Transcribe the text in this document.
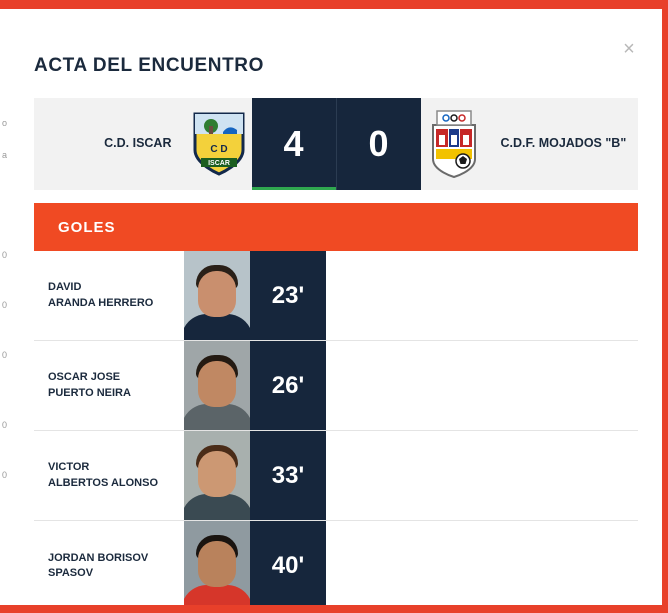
o
a
0
0
0
0
0
×
ACTA DEL ENCUENTRO
C.D. ISCAR	C D
ISCAR	4	0	C.D.F. MOJADOS "B"
GOLES
DAVID
ARANDA HERRERO	23'
OSCAR JOSE
PUERTO NEIRA	26'
VICTOR
ALBERTOS ALONSO	33'
JORDAN BORISOV
SPASOV	40'
